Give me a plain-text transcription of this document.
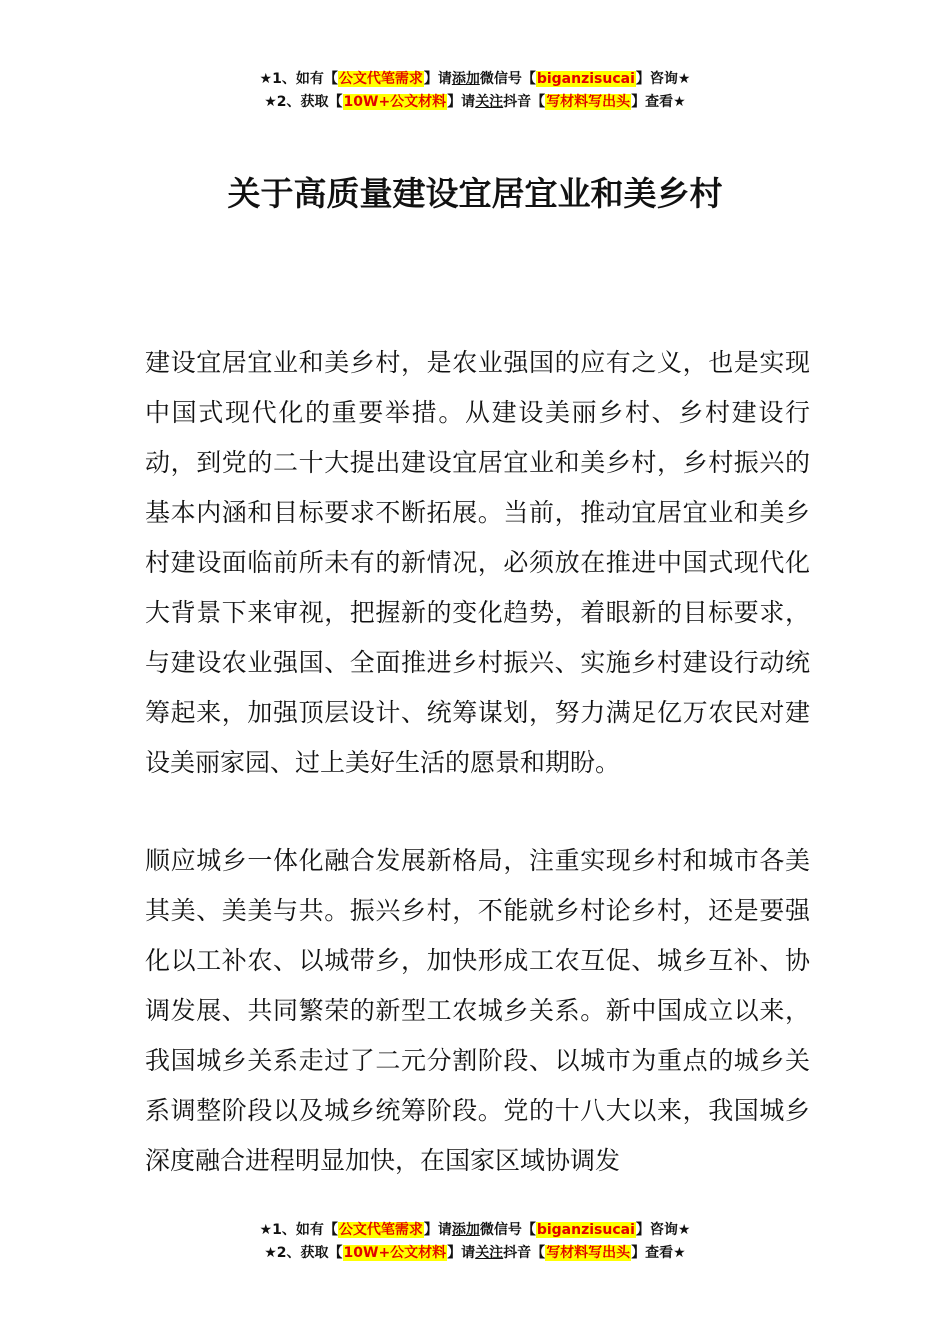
★1、如有【公文代笔需求】请添加微信号【biganzisucai】咨询★
★2、获取【10W+公文材料】请关注抖音【写材料写出头】查看★
关于高质量建设宜居宜业和美乡村

建设宜居宜业和美乡村，是农业强国的应有之义，也是实现中国式现代化的重要举措。从建设美丽乡村、乡村建设行动，到党的二十大提出建设宜居宜业和美乡村，乡村振兴的基本内涵和目标要求不断拓展。当前，推动宜居宜业和美乡村建设面临前所未有的新情况，必须放在推进中国式现代化大背景下来审视，把握新的变化趋势，着眼新的目标要求，与建设农业强国、全面推进乡村振兴、实施乡村建设行动统筹起来，加强顶层设计、统筹谋划，努力满足亿万农民对建设美丽家园、过上美好生活的愿景和期盼。

顺应城乡一体化融合发展新格局，注重实现乡村和城市各美其美、美美与共。振兴乡村，不能就乡村论乡村，还是要强化以工补农、以城带乡，加快形成工农互促、城乡互补、协调发展、共同繁荣的新型工农城乡关系。新中国成立以来，我国城乡关系走过了二元分割阶段、以城市为重点的城乡关系调整阶段以及城乡统筹阶段。党的十八大以来，我国城乡深度融合进程明显加快，在国家区域协调发

★1、如有【公文代笔需求】请添加微信号【biganzisucai】咨询★
★2、获取【10W+公文材料】请关注抖音【写材料写出头】查看★
